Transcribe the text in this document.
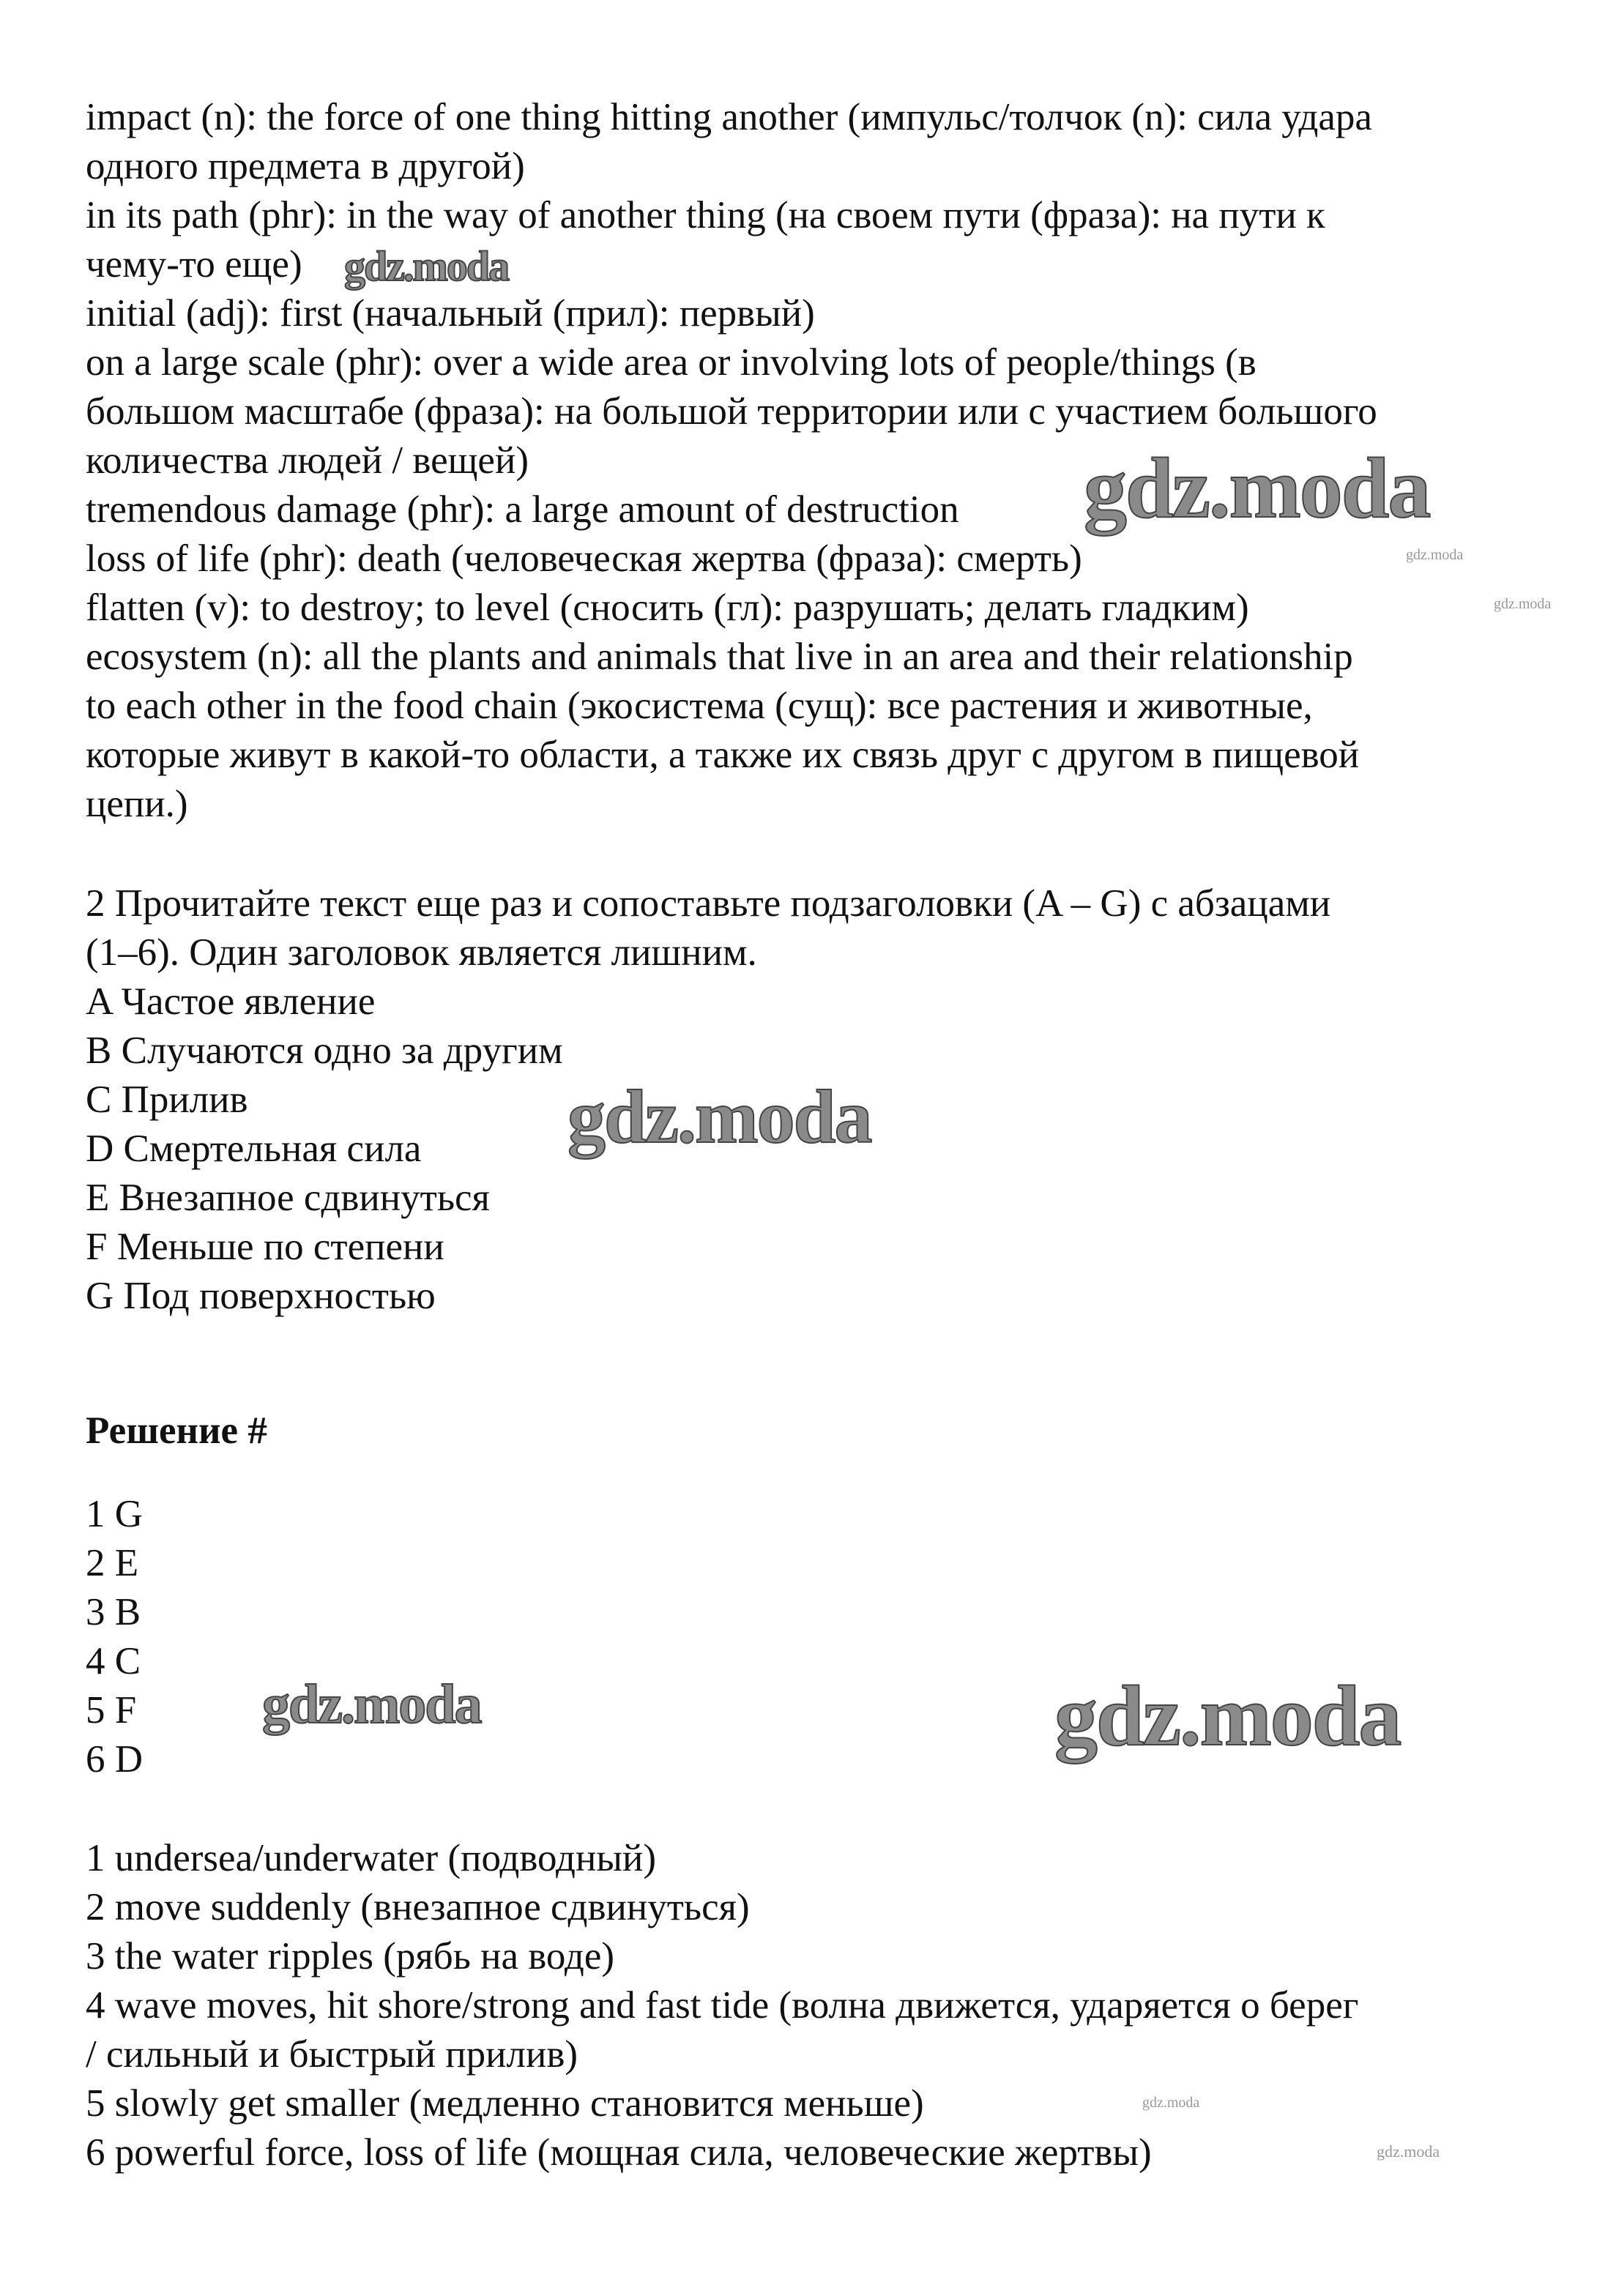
impact (n): the force of one thing hitting another (импульс/толчок (n): сила удара
одного предмета в другой)
in its path (phr): in the way of another thing (на своем пути (фраза): на пути к
чему-то еще)
initial (adj): first (начальный (прил): первый)
on a large scale (phr): over a wide area or involving lots of people/things (в
большом масштабе (фраза): на большой территории или с участием большого
количества людей / вещей)
tremendous damage (phr): a large amount of destruction
loss of life (phr): death (человеческая жертва (фраза): смерть)
flatten (v): to destroy; to level (сносить (гл): разрушать; делать гладким)
ecosystem (n): all the plants and animals that live in an area and their relationship
to each other in the food chain (экосистема (сущ): все растения и животные,
которые живут в какой-то области, а также их связь друг с другом в пищевой
цепи.)
2 Прочитайте текст еще раз и сопоставьте подзаголовки (A – G) с абзацами
(1–6). Один заголовок является лишним.
A Частое явление
B Случаются одно за другим
C Прилив
D Смертельная сила
E Внезапное сдвинуться
F Меньше по степени
G Под поверхностью
Решение #
1 G
2 E
3 B
4 C
5 F
6 D
1 undersea/underwater (подводный)
2 move suddenly (внезапное сдвинуться)
3 the water ripples (рябь на воде)
4 wave moves, hit shore/strong and fast tide (волна движется, ударяется о берег
/ сильный и быстрый прилив)
5 slowly get smaller (медленно становится меньше)
6 powerful force, loss of life (мощная сила, человеческие жертвы)
gdz.moda
gdz.moda
gdz.moda
gdz.moda
gdz.moda
gdz.moda	gdz.moda
gdz.moda
gdz.moda
